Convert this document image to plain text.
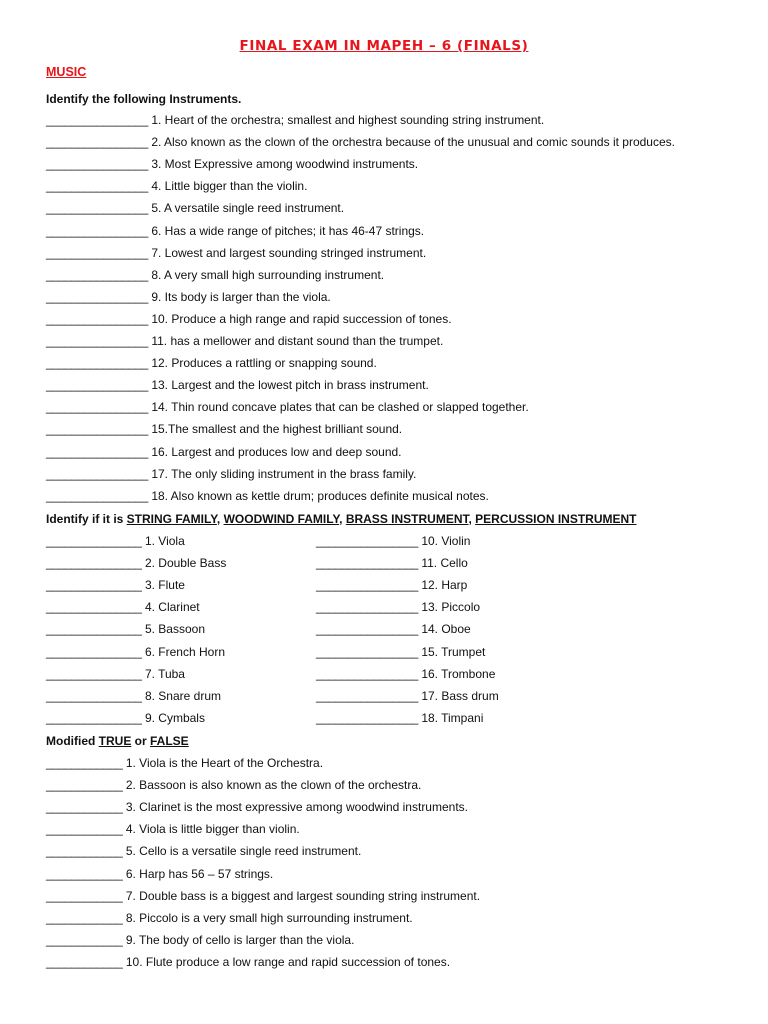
FINAL EXAM IN MAPEH – 6 (FINALS)
MUSIC
Identify the following Instruments.
________________ 1. Heart of the orchestra; smallest and highest sounding string instrument.
________________ 2. Also known as the clown of the orchestra because of the unusual and comic sounds it produces.
________________ 3. Most Expressive among woodwind instruments.
________________ 4. Little bigger than the violin.
________________ 5. A versatile single reed instrument.
________________ 6. Has a wide range of pitches; it has 46-47 strings.
________________ 7. Lowest and largest sounding stringed instrument.
________________ 8. A very small high surrounding instrument.
________________ 9. Its body is larger than the viola.
________________ 10. Produce a high range and rapid succession of tones.
________________ 11. has a mellower and distant sound than the trumpet.
________________ 12. Produces a rattling or snapping sound.
________________ 13. Largest and the lowest pitch in brass instrument.
________________ 14. Thin round concave plates that can be clashed or slapped together.
________________ 15.The smallest and the highest brilliant sound.
________________ 16. Largest and produces low and deep sound.
________________ 17. The only sliding instrument in the brass family.
________________ 18. Also known as kettle drum; produces definite musical notes.
Identify if it is STRING FAMILY, WOODWIND FAMILY, BRASS INSTRUMENT, PERCUSSION INSTRUMENT
_______________ 1. Viola
_______________ 2. Double Bass
_______________ 3. Flute
_______________ 4. Clarinet
_______________ 5. Bassoon
_______________ 6. French Horn
_______________ 7. Tuba
_______________ 8. Snare drum
_______________ 9. Cymbals
________________ 10. Violin
________________ 11. Cello
________________ 12. Harp
________________ 13. Piccolo
________________ 14. Oboe
________________ 15. Trumpet
________________ 16. Trombone
________________ 17. Bass drum
________________ 18. Timpani
Modified TRUE or FALSE
____________ 1. Viola is the Heart of the Orchestra.
____________ 2. Bassoon is also known as the clown of the orchestra.
____________ 3. Clarinet is the most expressive among woodwind instruments.
____________ 4. Viola is little bigger than violin.
____________ 5. Cello is a versatile single reed instrument.
____________ 6. Harp has 56 – 57 strings.
____________ 7. Double bass is a biggest and largest sounding string instrument.
____________ 8. Piccolo is a very small high surrounding instrument.
____________ 9. The body of cello is larger than the viola.
____________ 10. Flute produce a low range and rapid succession of tones.
